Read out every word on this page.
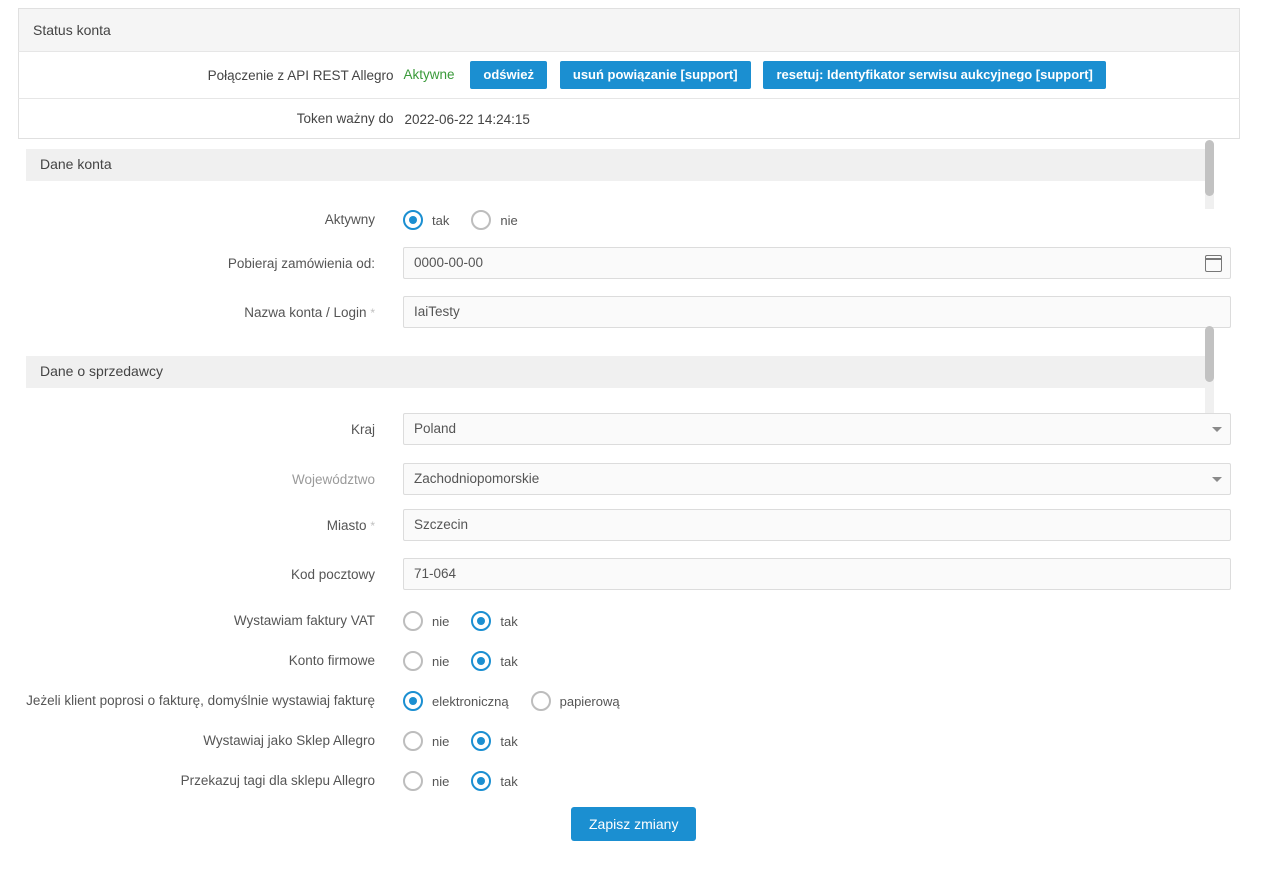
Status konta	
Połączenie z API REST Allegro	Aktywne odśwież usuń powiązanie [support] resetuj: Identyfikator serwisu aukcyjnego [support]
Token ważny do	2022-06-22 14:24:15
Dane konta
Aktywny	tak	nie
Pobieraj zamówienia od:	0000-00-00
Nazwa konta / Login *	IaiTesty
Dane o sprzedawcy
Kraj	Poland
Województwo	Zachodniopomorskie
Miasto *	Szczecin
Kod pocztowy	71-064
Wystawiam faktury VAT	nie	tak
Konto firmowe	nie	tak
Jeżeli klient poprosi o fakturę, domyślnie wystawiaj fakturę	elektroniczną	papierową
Wystawiaj jako Sklep Allegro	nie	tak
Przekazuj tagi dla sklepu Allegro	nie	tak
Zapisz zmiany
